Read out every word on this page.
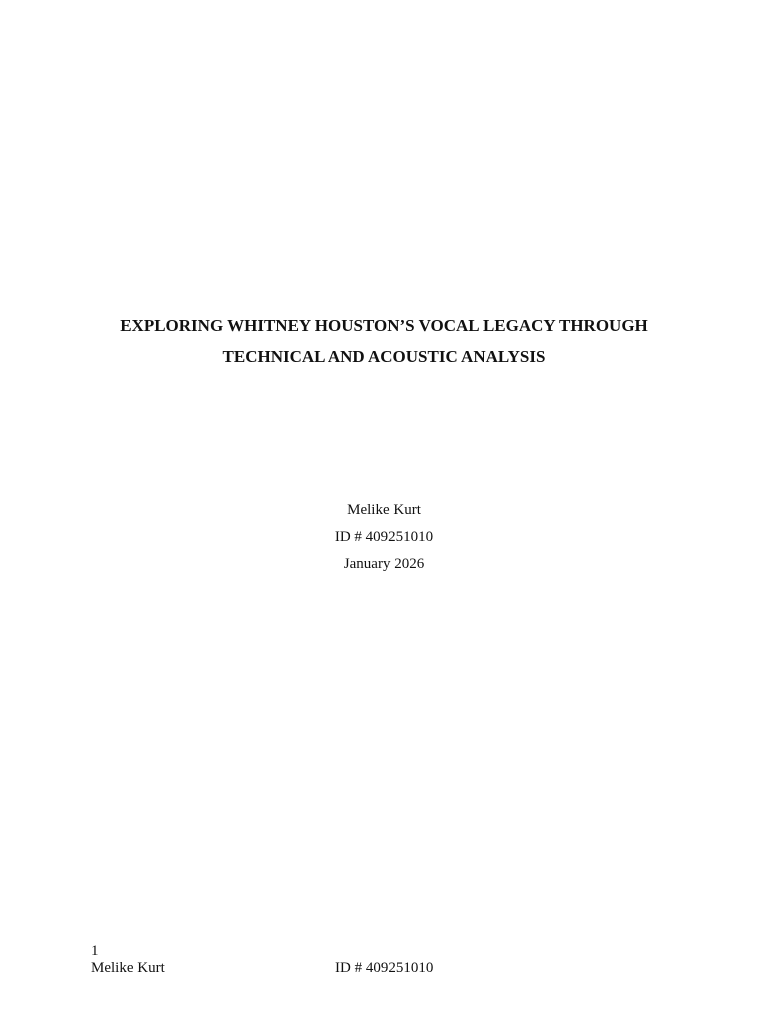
EXPLORING WHITNEY HOUSTON’S VOCAL LEGACY THROUGH
TECHNICAL AND ACOUSTIC ANALYSIS
Melike Kurt
ID # 409251010
January 2026
1
Melike Kurt	ID # 409251010
